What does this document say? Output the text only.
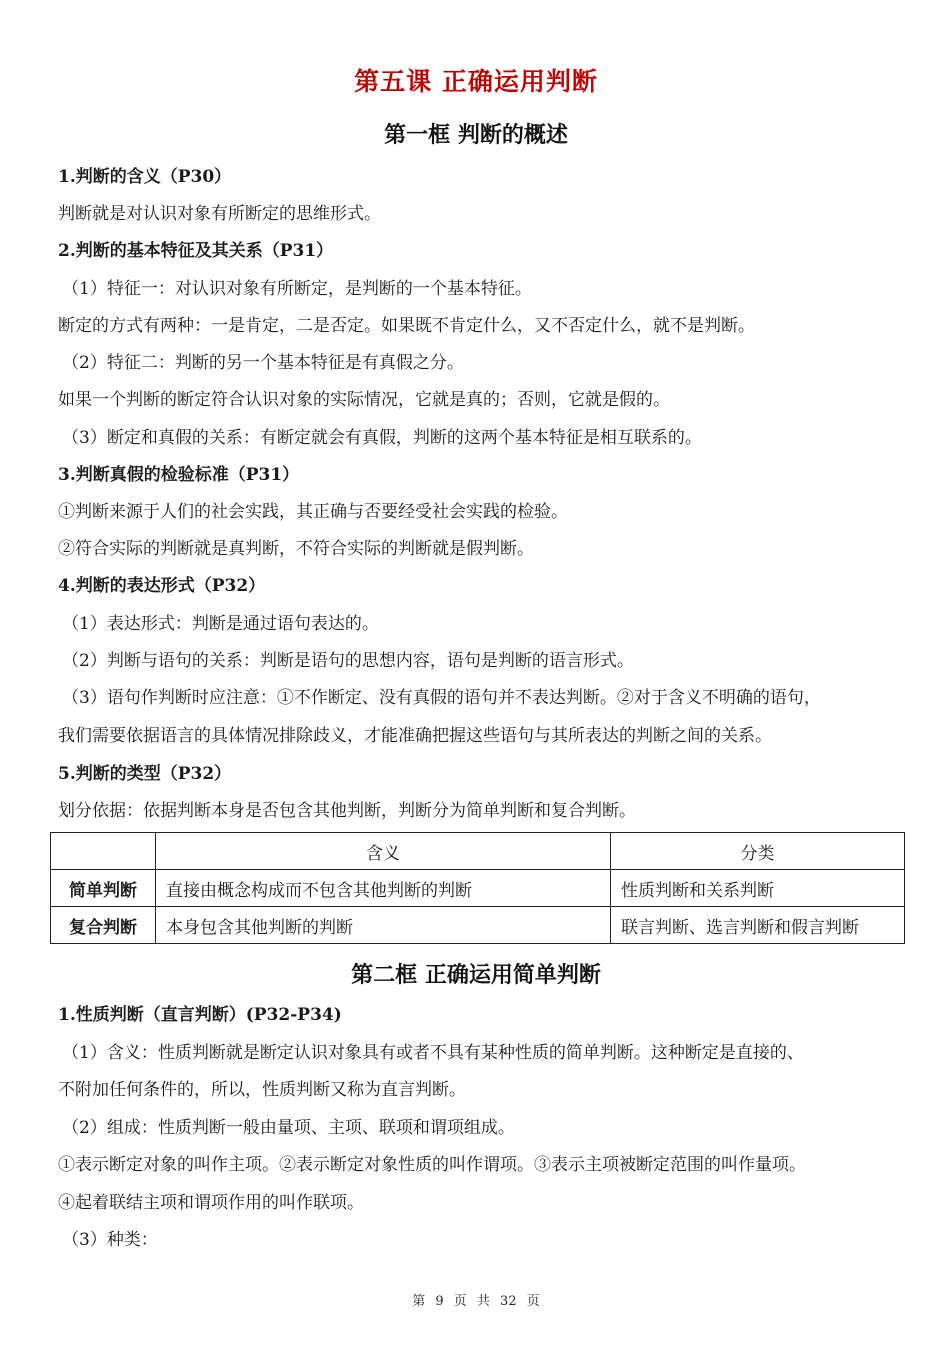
第五课 正确运用判断
第一框 判断的概述
1.判断的含义（P30）
判断就是对认识对象有所断定的思维形式。
2.判断的基本特征及其关系（P31）
（1）特征一：对认识对象有所断定，是判断的一个基本特征。
断定的方式有两种：一是肯定，二是否定。如果既不肯定什么，又不否定什么，就不是判断。
（2）特征二：判断的另一个基本特征是有真假之分。
如果一个判断的断定符合认识对象的实际情况，它就是真的；否则，它就是假的。
（3）断定和真假的关系：有断定就会有真假，判断的这两个基本特征是相互联系的。
3.判断真假的检验标准（P31）
①判断来源于人们的社会实践，其正确与否要经受社会实践的检验。
②符合实际的判断就是真判断，不符合实际的判断就是假判断。
4.判断的表达形式（P32）
（1）表达形式：判断是通过语句表达的。
（2）判断与语句的关系：判断是语句的思想内容，语句是判断的语言形式。
（3）语句作判断时应注意：①不作断定、没有真假的语句并不表达判断。②对于含义不明确的语句，
我们需要依据语言的具体情况排除歧义，才能准确把握这些语句与其所表达的判断之间的关系。
5.判断的类型（P32）
划分依据：依据判断本身是否包含其他判断，判断分为简单判断和复合判断。
	含义	分类
简单判断	直接由概念构成而不包含其他判断的判断	性质判断和关系判断
复合判断	本身包含其他判断的判断	联言判断、选言判断和假言判断
第二框 正确运用简单判断
1.性质判断（直言判断）(P32-P34)
（1）含义：性质判断就是断定认识对象具有或者不具有某种性质的简单判断。这种断定是直接的、
不附加任何条件的，所以，性质判断又称为直言判断。
（2）组成：性质判断一般由量项、主项、联项和谓项组成。
①表示断定对象的叫作主项。②表示断定对象性质的叫作谓项。③表示主项被断定范围的叫作量项。
④起着联结主项和谓项作用的叫作联项。
（3）种类：
第 9 页 共 32 页
